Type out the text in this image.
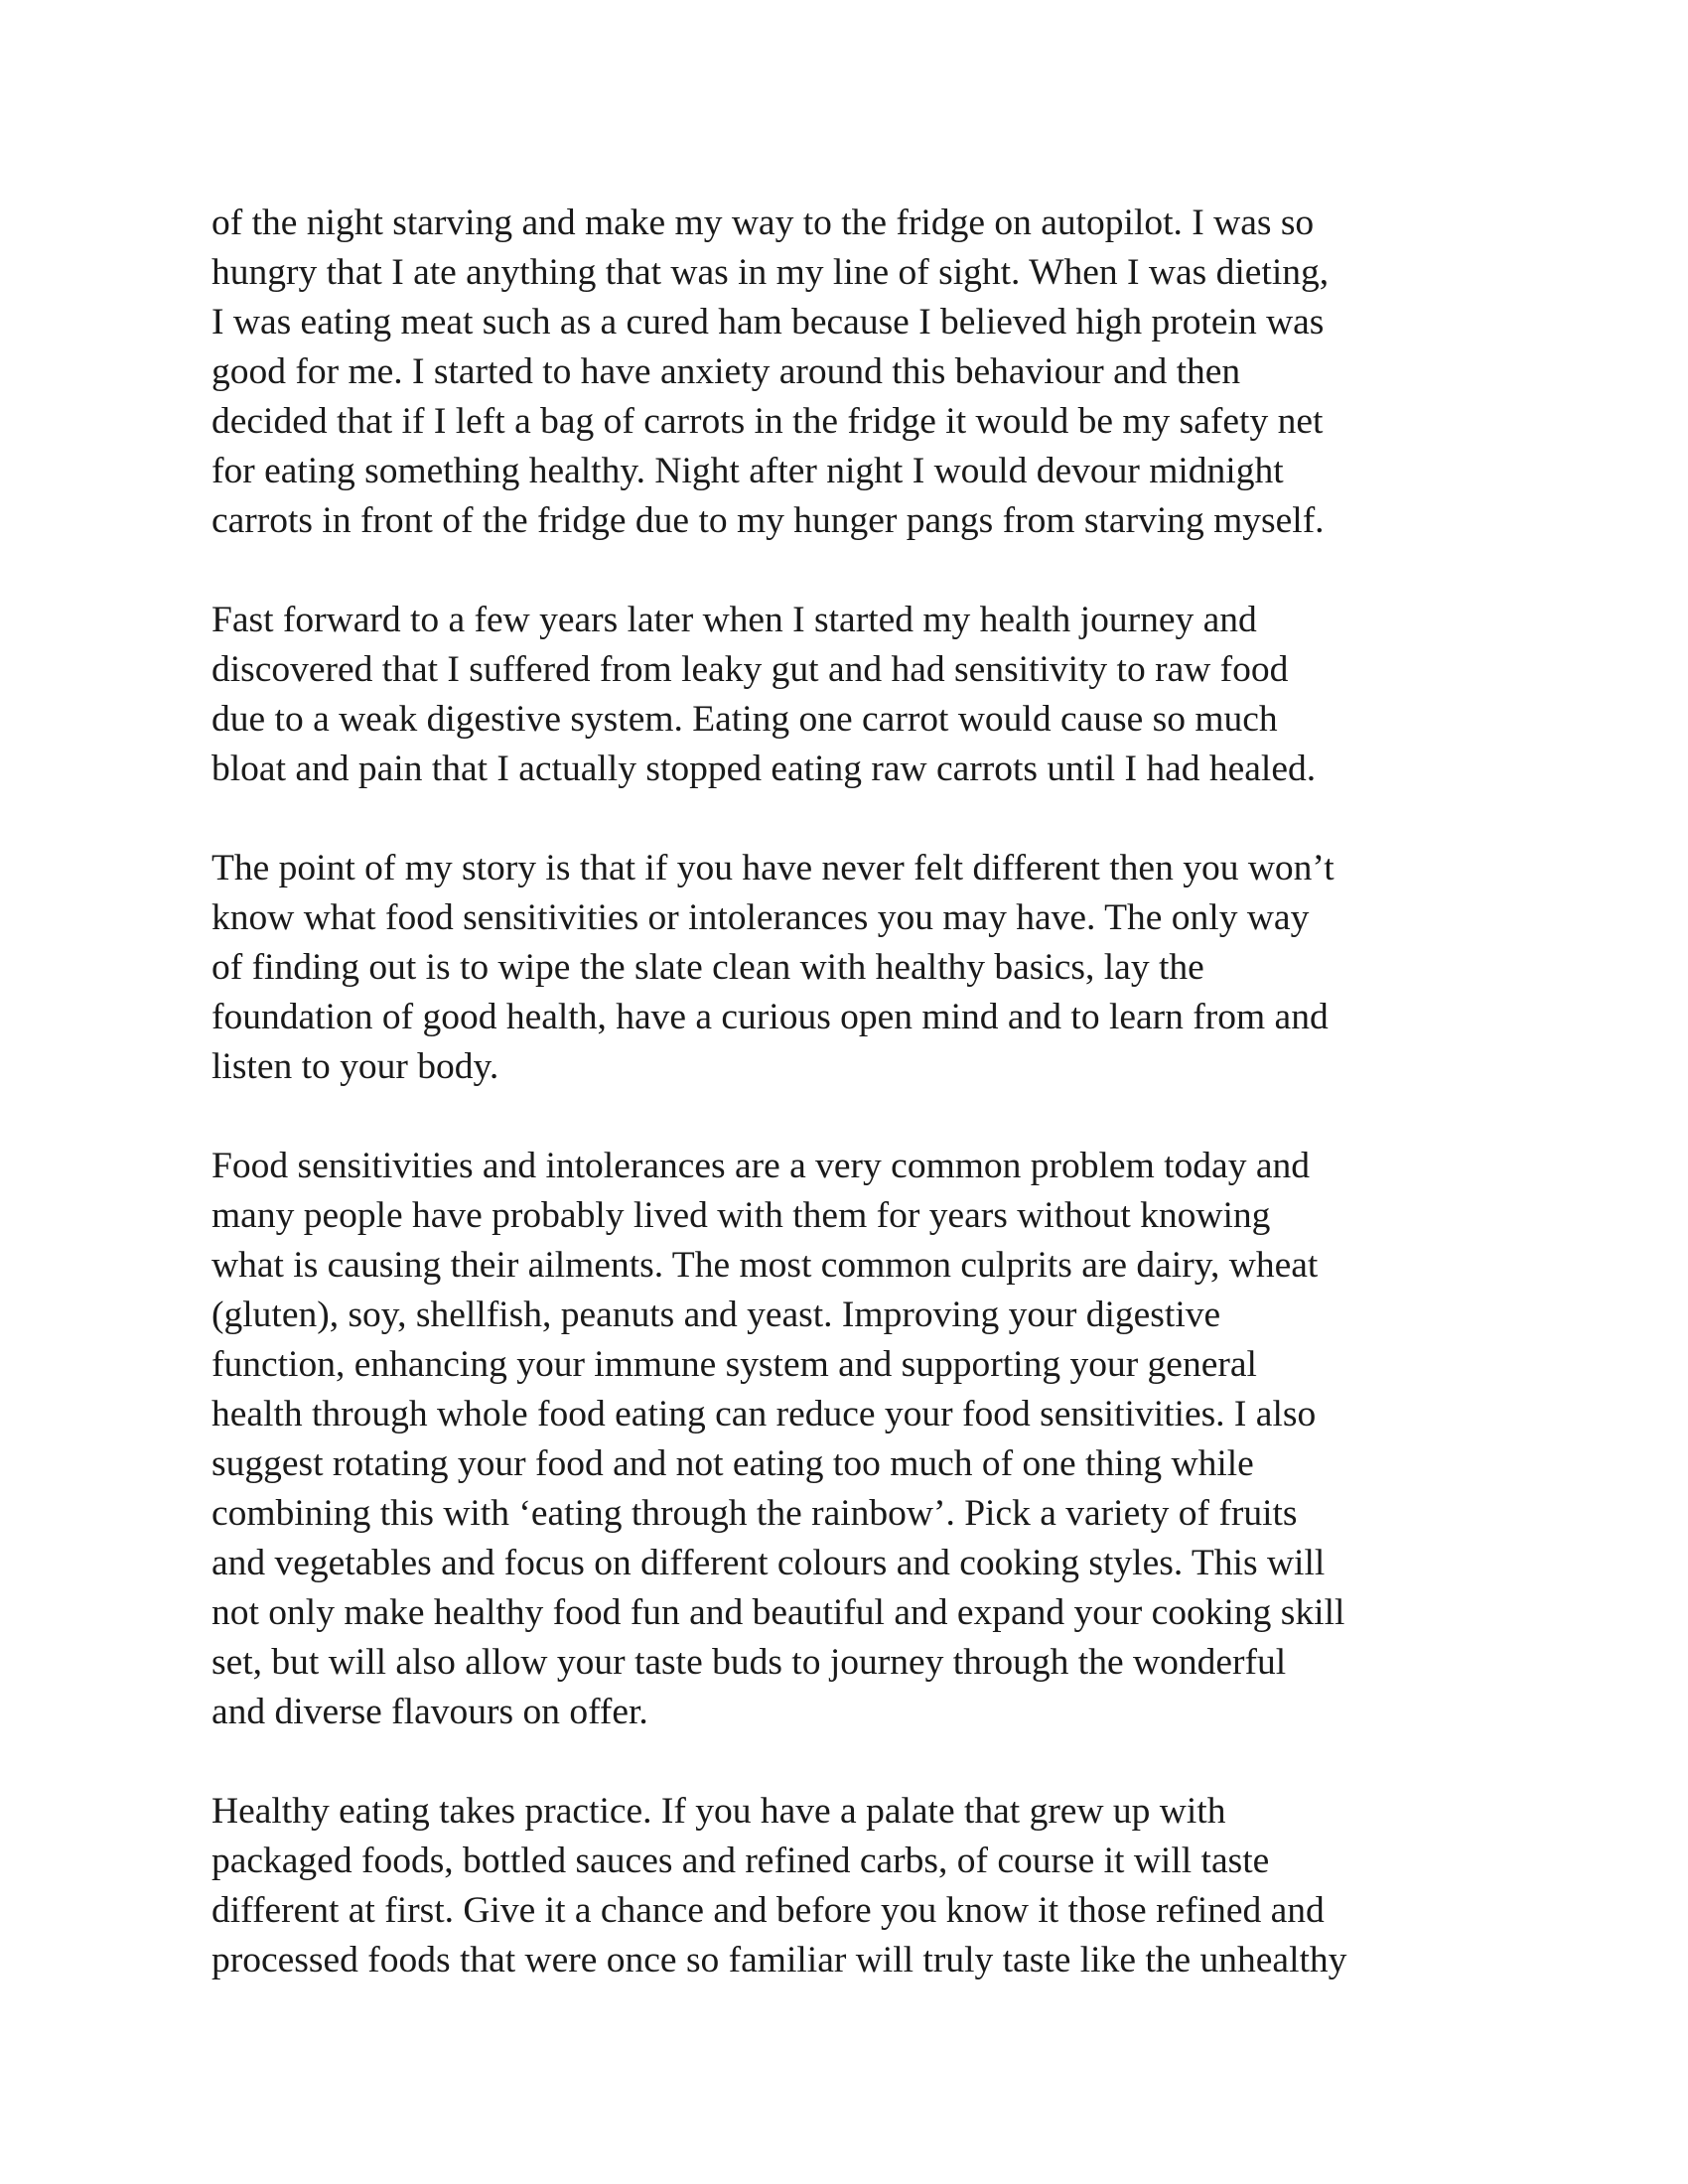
of the night starving and make my way to the fridge on autopilot. I was so
hungry that I ate anything that was in my line of sight. When I was dieting,
I was eating meat such as a cured ham because I believed high protein was
good for me. I started to have anxiety around this behaviour and then
decided that if I left a bag of carrots in the fridge it would be my safety net
for eating something healthy. Night after night I would devour midnight
carrots in front of the fridge due to my hunger pangs from starving myself.
Fast forward to a few years later when I started my health journey and
discovered that I suffered from leaky gut and had sensitivity to raw food
due to a weak digestive system. Eating one carrot would cause so much
bloat and pain that I actually stopped eating raw carrots until I had healed.
The point of my story is that if you have never felt different then you won’t
know what food sensitivities or intolerances you may have. The only way
of finding out is to wipe the slate clean with healthy basics, lay the
foundation of good health, have a curious open mind and to learn from and
listen to your body.
Food sensitivities and intolerances are a very common problem today and
many people have probably lived with them for years without knowing
what is causing their ailments. The most common culprits are dairy, wheat
(gluten), soy, shellfish, peanuts and yeast. Improving your digestive
function, enhancing your immune system and supporting your general
health through whole food eating can reduce your food sensitivities. I also
suggest rotating your food and not eating too much of one thing while
combining this with ‘eating through the rainbow’. Pick a variety of fruits
and vegetables and focus on different colours and cooking styles. This will
not only make healthy food fun and beautiful and expand your cooking skill
set, but will also allow your taste buds to journey through the wonderful
and diverse flavours on offer.
Healthy eating takes practice. If you have a palate that grew up with
packaged foods, bottled sauces and refined carbs, of course it will taste
different at first. Give it a chance and before you know it those refined and
processed foods that were once so familiar will truly taste like the unhealthy
